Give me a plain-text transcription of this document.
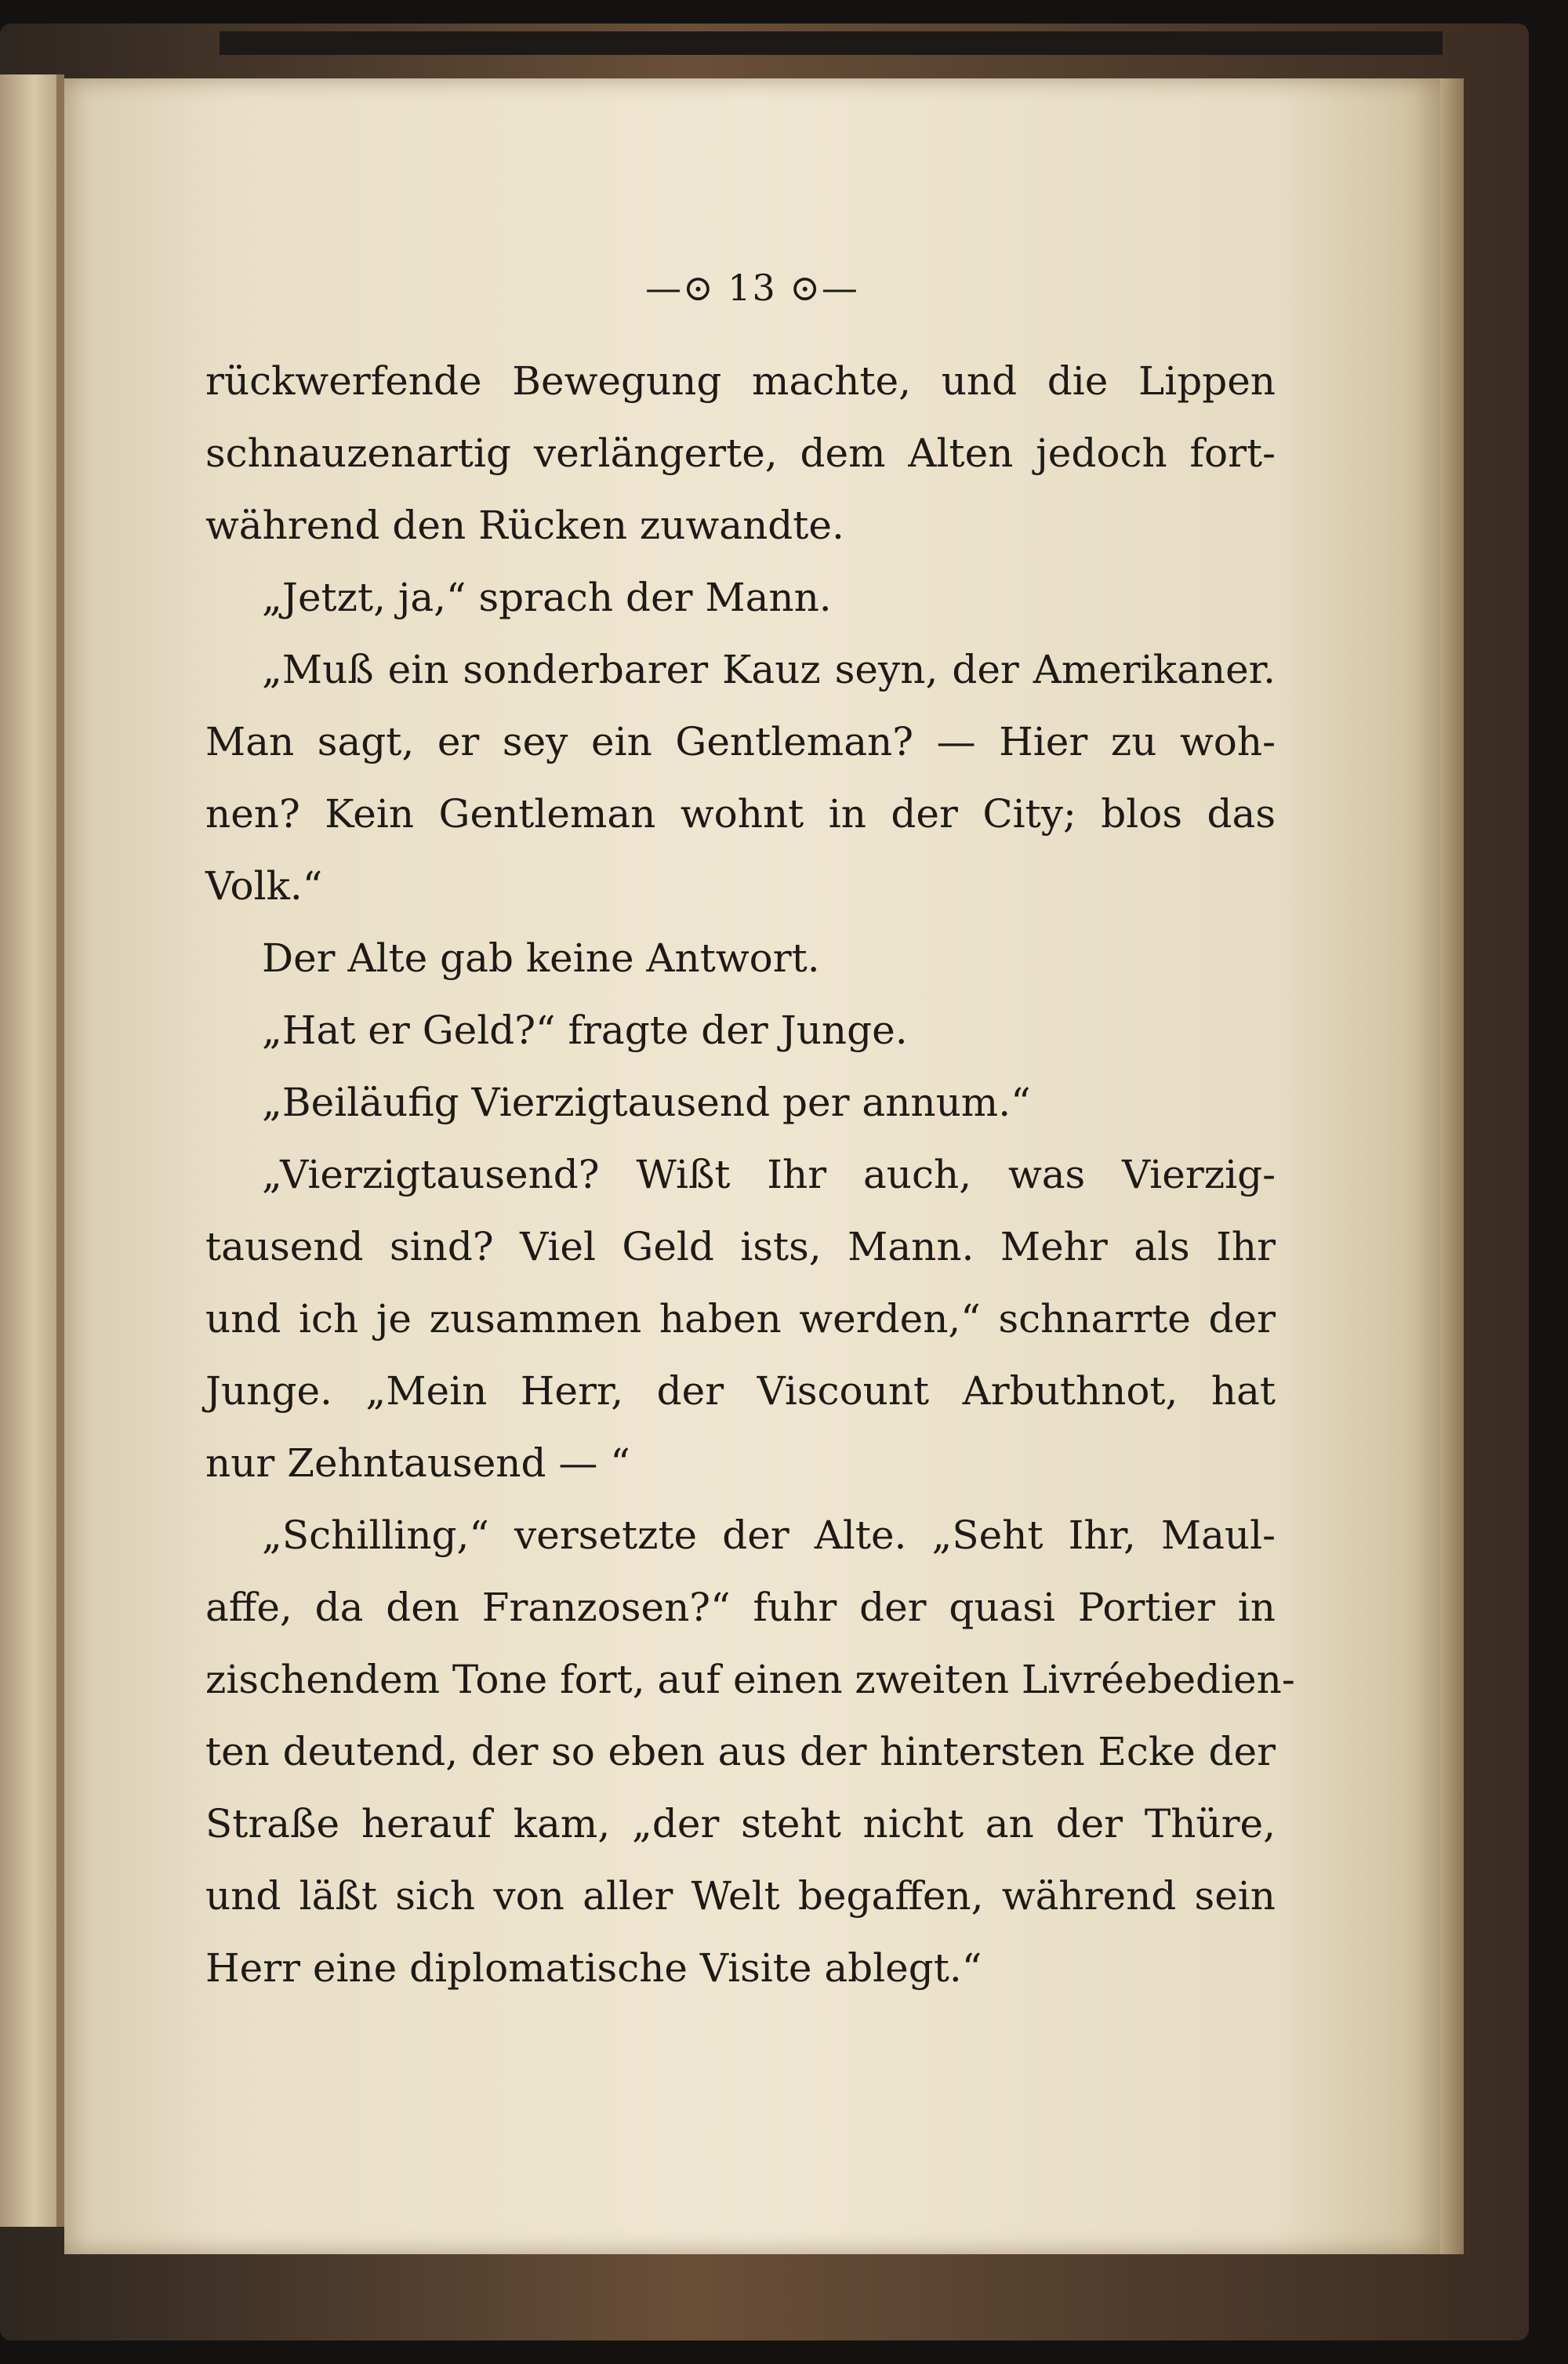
—⊙ 13 ⊙—
rückwerfende Bewegung machte, und die Lippen
schnauzenartig verlängerte, dem Alten jedoch fort-
während den Rücken zuwandte.
„Jetzt, ja,“ sprach der Mann.
„Muß ein sonderbarer Kauz seyn, der Amerikaner.
Man sagt, er sey ein Gentleman? — Hier zu woh-
nen? Kein Gentleman wohnt in der City; blos das
Volk.“
Der Alte gab keine Antwort.
„Hat er Geld?“ fragte der Junge.
„Beiläufig Vierzigtausend per annum.“
„Vierzigtausend? Wißt Ihr auch, was Vierzig-
tausend sind? Viel Geld ists, Mann. Mehr als Ihr
und ich je zusammen haben werden,“ schnarrte der
Junge. „Mein Herr, der Viscount Arbuthnot, hat
nur Zehntausend — “
„Schilling,“ versetzte der Alte. „Seht Ihr, Maul-
affe, da den Franzosen?“ fuhr der quasi Portier in
zischendem Tone fort, auf einen zweiten Livréebedien-
ten deutend, der so eben aus der hintersten Ecke der
Straße herauf kam, „der steht nicht an der Thüre,
und läßt sich von aller Welt begaffen, während sein
Herr eine diplomatische Visite ablegt.“
